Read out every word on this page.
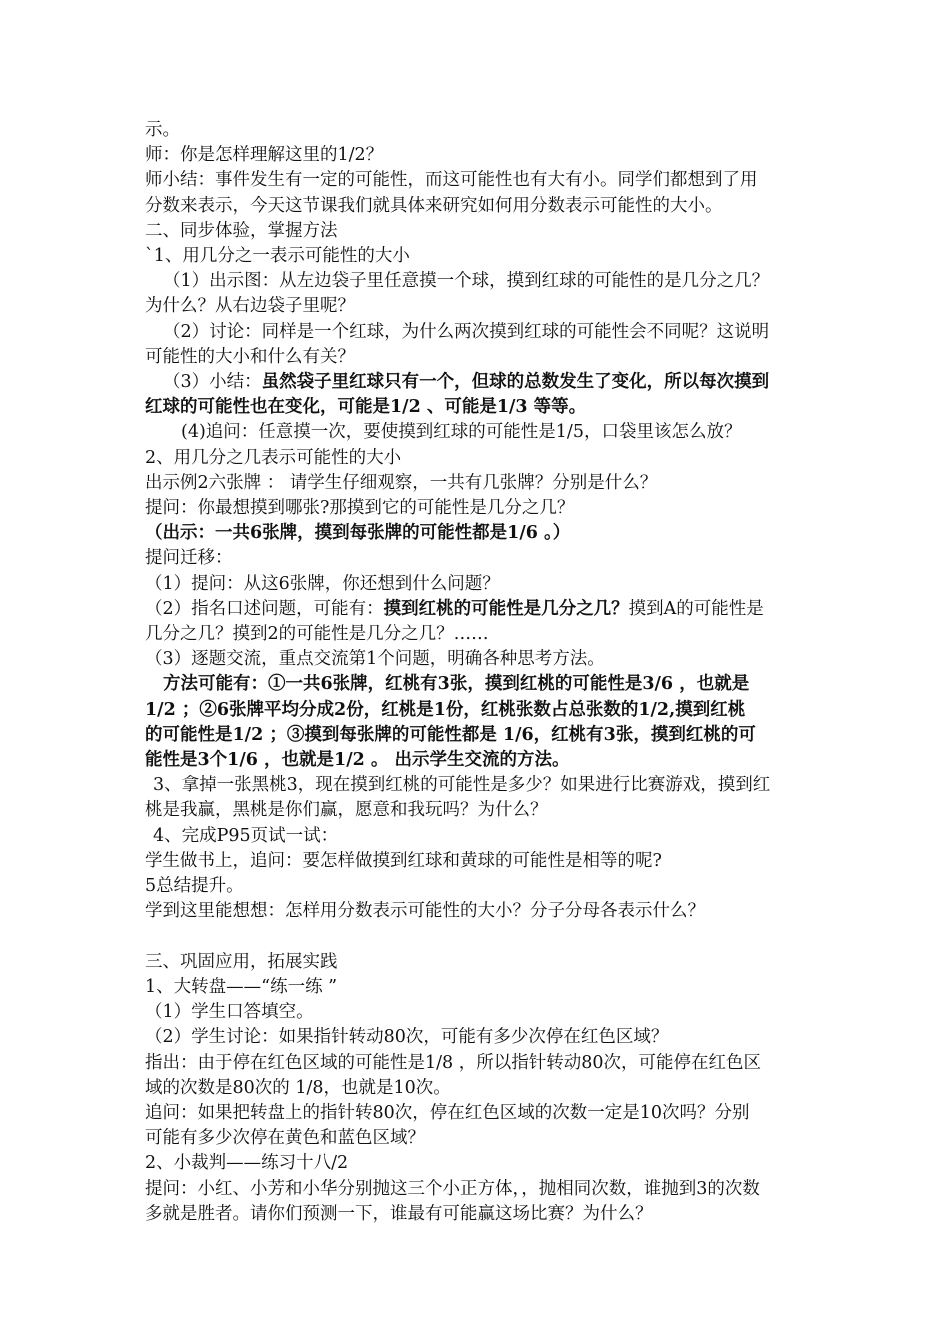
示。
师：你是怎样理解这里的1/2？
师小结：事件发生有一定的可能性，而这可能性也有大有小。同学们都想到了用
分数来表示，今天这节课我们就具体来研究如何用分数表示可能性的大小。
二、同步体验，掌握方法
`1、用几分之一表示可能性的大小
（1）出示图：从左边袋子里任意摸一个球，摸到红球的可能性的是几分之几？
为什么？从右边袋子里呢？
（2）讨论：同样是一个红球，为什么两次摸到红球的可能性会不同呢？这说明
可能性的大小和什么有关？
（3）小结：虽然袋子里红球只有一个，但球的总数发生了变化，所以每次摸到
红球的可能性也在变化，可能是1/2 、可能是1/3 等等。
(4)追问：任意摸一次，要使摸到红球的可能性是1/5，口袋里该怎么放？
2、用几分之几表示可能性的大小
出示例2六张牌 ： 请学生仔细观察，一共有几张牌？分别是什么？
提问：你最想摸到哪张?那摸到它的可能性是几分之几？
（出示：一共6张牌，摸到每张牌的可能性都是1/6 。）
提问迁移：
（1）提问：从这6张牌，你还想到什么问题？
（2）指名口述问题，可能有：摸到红桃的可能性是几分之几？摸到A的可能性是
几分之几？摸到2的可能性是几分之几？……
（3）逐题交流，重点交流第1个问题，明确各种思考方法。
方法可能有：①一共6张牌，红桃有3张，摸到红桃的可能性是3/6 ，也就是
1/2 ；②6张牌平均分成2份，红桃是1份，红桃张数占总张数的1/2,摸到红桃
的可能性是1/2 ；③摸到每张牌的可能性都是 1/6，红桃有3张，摸到红桃的可
能性是3个1/6 ，也就是1/2 。 出示学生交流的方法。
3、拿掉一张黑桃3，现在摸到红桃的可能性是多少？如果进行比赛游戏，摸到红
桃是我赢，黑桃是你们赢，愿意和我玩吗？为什么？
4、完成P95页试一试：
学生做书上，追问：要怎样做摸到红球和黄球的可能性是相等的呢?
5总结提升。
学到这里能想想：怎样用分数表示可能性的大小？分子分母各表示什么？
三、巩固应用，拓展实践
1、大转盘——“练一练 ”
（1）学生口答填空。
（2）学生讨论：如果指针转动80次，可能有多少次停在红色区域？
指出：由于停在红色区域的可能性是1/8 ，所以指针转动80次，可能停在红色区
域的次数是80次的 1/8，也就是10次。
追问：如果把转盘上的指针转80次，停在红色区域的次数一定是10次吗？分别
可能有多少次停在黄色和蓝色区域？
2、小裁判——练习十八/2
提问：小红、小芳和小华分别抛这三个小正方体，，抛相同次数，谁抛到3的次数
多就是胜者。请你们预测一下，谁最有可能赢这场比赛？为什么？
